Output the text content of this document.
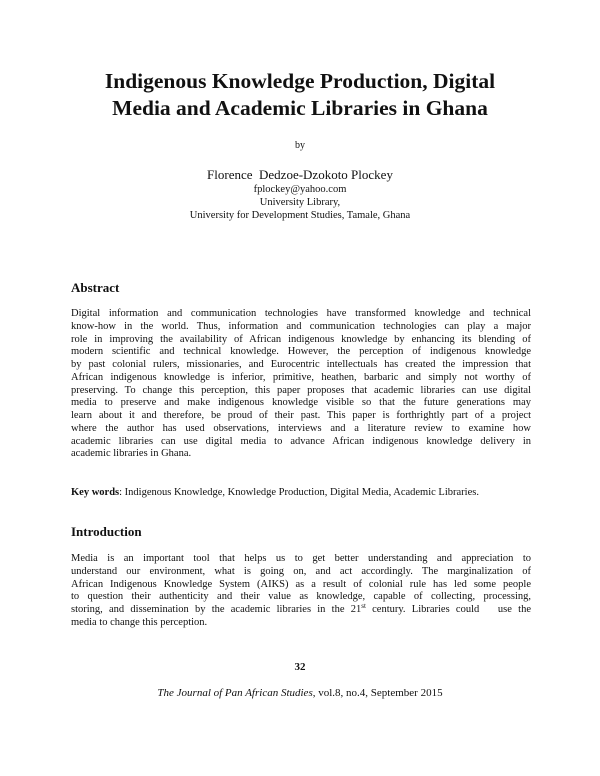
Indigenous Knowledge Production, Digital
Media and Academic Libraries in Ghana
by
Florence  Dedzoe-Dzokoto Plockey
fplockey@yahoo.com
University Library,
University for Development Studies, Tamale, Ghana
Abstract
Digital information and communication technologies have transformed knowledge and technical
know-how in the world. Thus, information and communication technologies can play a major
role in improving the availability of African indigenous knowledge by enhancing its blending of
modern scientific and technical knowledge. However, the perception of indigenous knowledge
by past colonial rulers, missionaries, and Eurocentric intellectuals has created the impression that
African indigenous knowledge is inferior, primitive, heathen, barbaric and simply not worthy of
preserving. To change this perception, this paper proposes that academic libraries can use digital
media to preserve and make indigenous knowledge visible so that the future generations may
learn about it and therefore, be proud of their past. This paper is forthrightly part of a project
where the author has used observations, interviews and a literature review to examine how
academic libraries can use digital media to advance African indigenous knowledge delivery in
academic libraries in Ghana.
Key words: Indigenous Knowledge, Knowledge Production, Digital Media, Academic Libraries.
Introduction
Media is an important tool that helps us to get better understanding and appreciation to
understand our environment, what is going on, and act accordingly. The marginalization of
African Indigenous Knowledge System (AIKS) as a result of colonial rule has led some people
to question their authenticity and their value as knowledge, capable of collecting, processing,
storing, and dissemination by the academic libraries in the 21st century. Libraries could   use the
media to change this perception.
32
The Journal of Pan African Studies, vol.8, no.4, September 2015
